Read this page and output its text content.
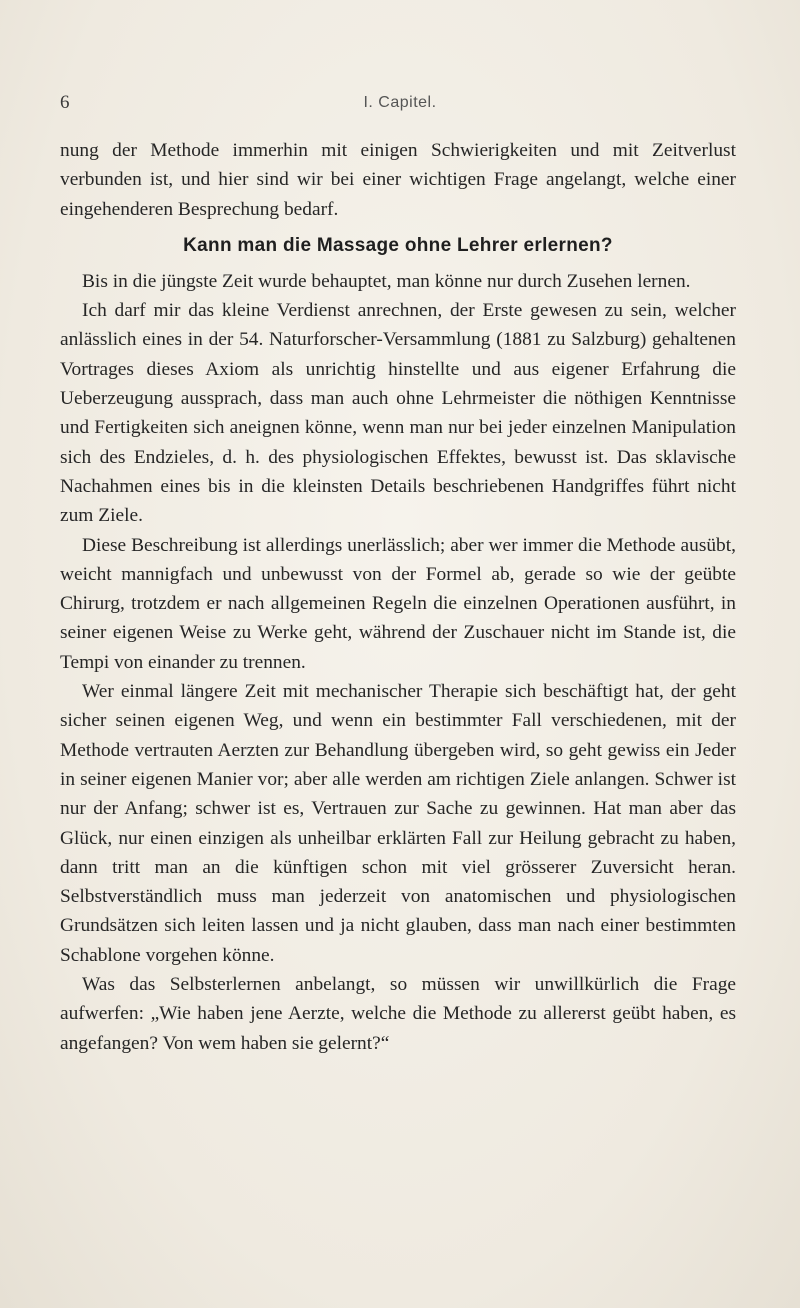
6	I. Capitel.

nung der Methode immerhin mit einigen Schwierigkeiten und mit Zeitverlust verbunden ist, und hier sind wir bei einer wichtigen Frage angelangt, welche einer eingehenderen Besprechung bedarf.

Kann man die Massage ohne Lehrer erlernen?

Bis in die jüngste Zeit wurde behauptet, man könne nur durch Zusehen lernen.

Ich darf mir das kleine Verdienst anrechnen, der Erste gewesen zu sein, welcher anlässlich eines in der 54. Naturforscher-Versammlung (1881 zu Salzburg) gehaltenen Vortrages dieses Axiom als unrichtig hinstellte und aus eigener Erfahrung die Ueberzeugung aussprach, dass man auch ohne Lehrmeister die nöthigen Kenntnisse und Fertigkeiten sich aneignen könne, wenn man nur bei jeder einzelnen Manipulation sich des Endzieles, d. h. des physiologischen Effektes, bewusst ist. Das sklavische Nachahmen eines bis in die kleinsten Details beschriebenen Handgriffes führt nicht zum Ziele.

Diese Beschreibung ist allerdings unerlässlich; aber wer immer die Methode ausübt, weicht mannigfach und unbewusst von der Formel ab, gerade so wie der geübte Chirurg, trotzdem er nach allgemeinen Regeln die einzelnen Operationen ausführt, in seiner eigenen Weise zu Werke geht, während der Zuschauer nicht im Stande ist, die Tempi von einander zu trennen.

Wer einmal längere Zeit mit mechanischer Therapie sich beschäftigt hat, der geht sicher seinen eigenen Weg, und wenn ein bestimmter Fall verschiedenen, mit der Methode vertrauten Aerzten zur Behandlung übergeben wird, so geht gewiss ein Jeder in seiner eigenen Manier vor; aber alle werden am richtigen Ziele anlangen. Schwer ist nur der Anfang; schwer ist es, Vertrauen zur Sache zu gewinnen. Hat man aber das Glück, nur einen einzigen als unheilbar erklärten Fall zur Heilung gebracht zu haben, dann tritt man an die künftigen schon mit viel grösserer Zuversicht heran. Selbstverständlich muss man jederzeit von anatomischen und physiologischen Grundsätzen sich leiten lassen und ja nicht glauben, dass man nach einer bestimmten Schablone vorgehen könne.

Was das Selbsterlernen anbelangt, so müssen wir unwillkürlich die Frage aufwerfen: „Wie haben jene Aerzte, welche die Methode zu allererst geübt haben, es angefangen? Von wem haben sie gelernt?“
